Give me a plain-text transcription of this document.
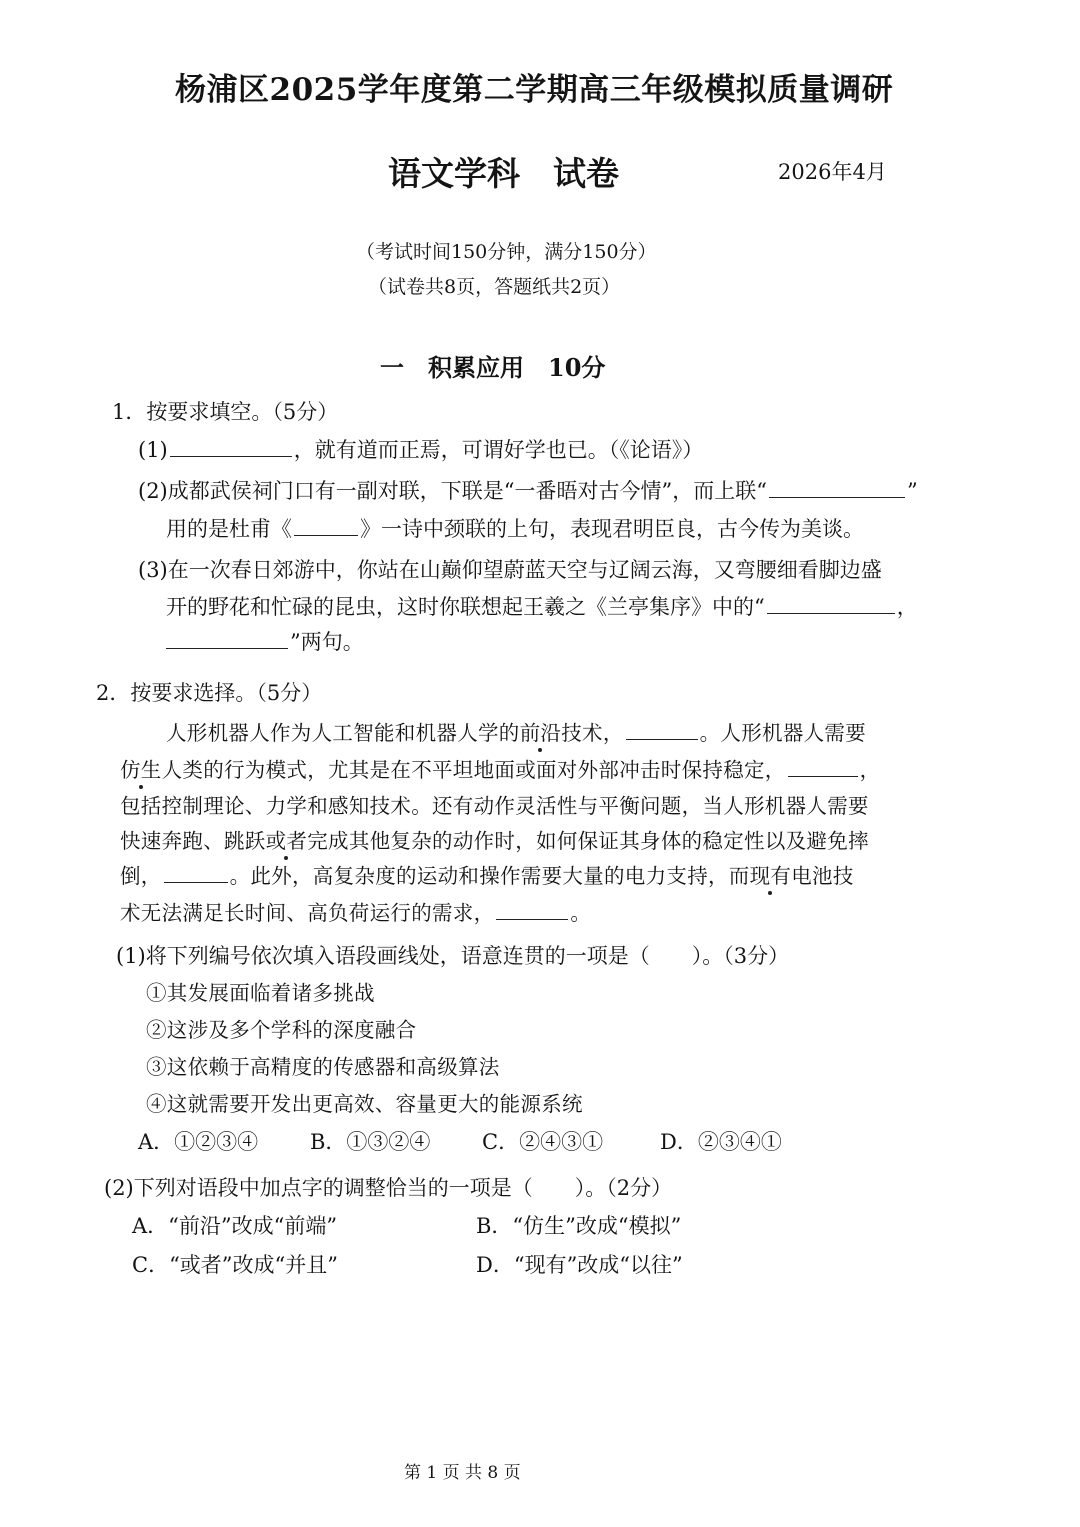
杨浦区2025学年度第二学期高三年级模拟质量调研
语文学科　试卷	2026年4月
（考试时间150分钟，满分150分）
（试卷共8页，答题纸共2页）
一　积累应用　10分
1．按要求填空。（5分）
(1)	，就有道而正焉，可谓好学也已。（《论语》）
(2)成都武侯祠门口有一副对联，下联是“一番晤对古今情”，而上联“	”
用的是杜甫《	》一诗中颈联的上句，表现君明臣良，古今传为美谈。
(3)在一次春日郊游中，你站在山巅仰望蔚蓝天空与辽阔云海，又弯腰细看脚边盛
开的野花和忙碌的昆虫，这时你联想起王羲之《兰亭集序》中的“	，
”两句。
2．按要求选择。（5分）
人形机器人作为人工智能和机器人学的前沿技术，	。人形机器人需要
仿生人类的行为模式，尤其是在不平坦地面或面对外部冲击时保持稳定，	，
包括控制理论、力学和感知技术。还有动作灵活性与平衡问题，当人形机器人需要
快速奔跑、跳跃或者完成其他复杂的动作时，如何保证其身体的稳定性以及避免摔
倒，	。此外，高复杂度的运动和操作需要大量的电力支持，而现有电池技
术无法满足长时间、高负荷运行的需求，	。
(1)将下列编号依次填入语段画线处，语意连贯的一项是（　　）。（3分）
①其发展面临着诸多挑战
②这涉及多个学科的深度融合
③这依赖于高精度的传感器和高级算法
④这就需要开发出更高效、容量更大的能源系统
A．①②③④ B．①③②④ C．②④③①	D．②③④①
(2)下列对语段中加点字的调整恰当的一项是（　　）。（2分）
A．“前沿”改成“前端”	B．“仿生”改成“模拟”
C．“或者”改成“并且”	D．“现有”改成“以往”
第 1 页 共 8 页
